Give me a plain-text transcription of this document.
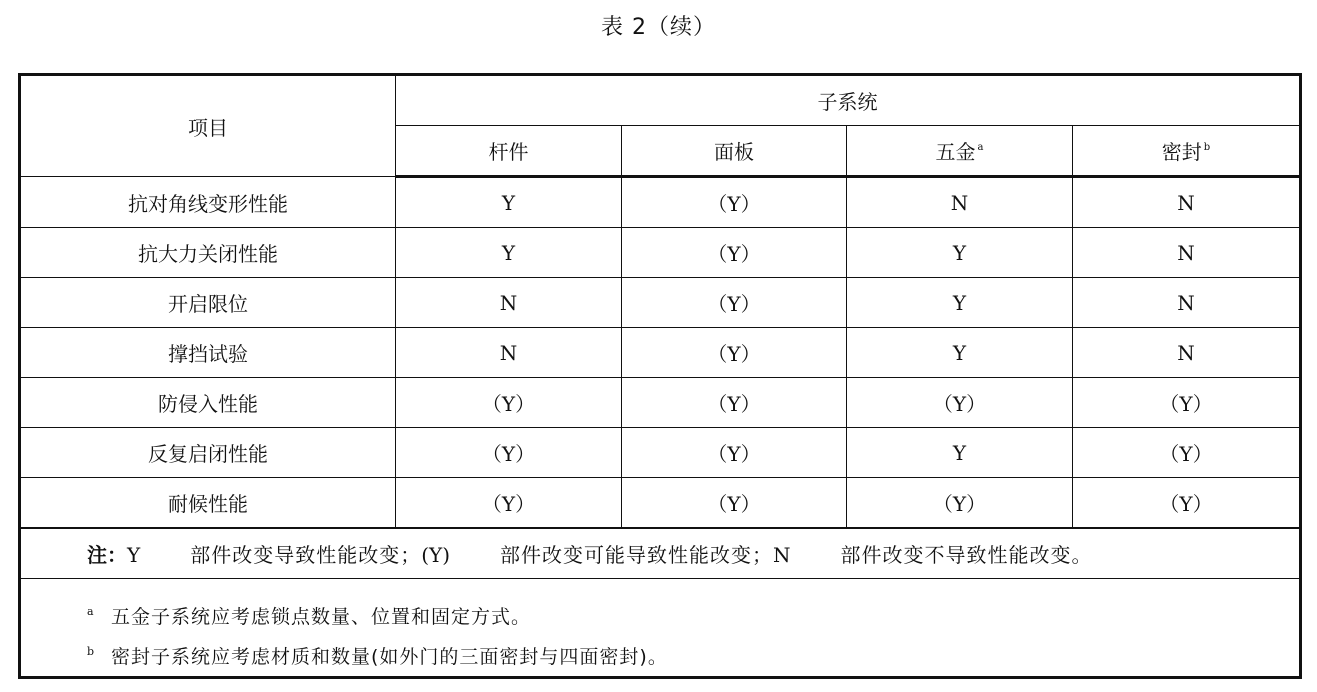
表 2（续）
项目	子系统			
	杆件	面板	五金 $^a$	密封 $^b$
抗对角线变形性能	Y	（Y）	N	N
抗大力关闭性能	Y	（Y）	Y	N
开启限位	N	（Y）	Y	N
撑挡试验	N	（Y）	Y	N
防侵入性能	（Y）	（Y）	（Y）	（Y）
反复启闭性能	（Y）	（Y）	Y	（Y）
耐候性能	（Y）	（Y）	（Y）	（Y）

注：Y 部件改变导致性能改变；(Y) 部件改变可能导致性能改变；N 部件改变不导致性能改变。				

a 五金子系统应考虑锁点数量、位置和固定方式。
b 密封子系统应考虑材质和数量(如外门的三面密封与四面密封)。				
